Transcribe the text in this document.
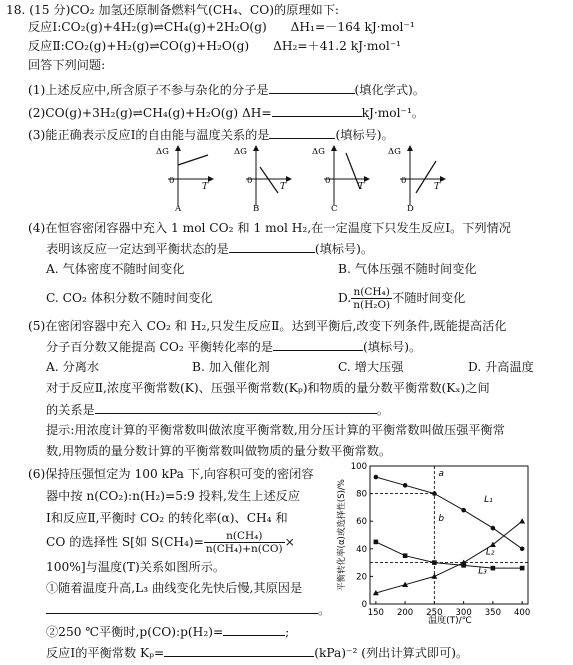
18. (15 分)CO₂ 加氢还原制备燃料气(CH₄、CO)的原理如下:
反应Ⅰ:CO₂(g)+4H₂(g)⇌CH₄(g)+2H₂O(g) ΔH₁=－164 kJ·mol⁻¹
反应Ⅱ:CO₂(g)+H₂(g)⇌CO(g)+H₂O(g) ΔH₂=＋41.2 kJ·mol⁻¹
回答下列问题:
(1)上述反应中,所含原子不参与杂化的分子是	(填化学式)。
(2)CO(g)+3H₂(g)⇌CH₄(g)+H₂O(g) ΔH=	kJ·mol⁻¹。
(3)能正确表示反应Ⅰ的自由能与温度关系的是	(填标号)。
ΔG
T
0
A
ΔG
T
0
B
ΔG
T
0
C
ΔG
T
0
D
(4)在恒容密闭容器中充入 1 mol CO₂ 和 1 mol H₂,在一定温度下只发生反应Ⅰ。下列情况
表明该反应一定达到平衡状态的是	(填标号)。
A. 气体密度不随时间变化	B. 气体压强不随时间变化
C. CO₂ 体积分数不随时间变化	D. $\frac{\text{n(CH₄)}}{\text{n(H₂O)}}$ 不随时间变化
(5)在密闭容器中充入 CO₂ 和 H₂,只发生反应Ⅱ。达到平衡后,改变下列条件,既能提高活化
分子百分数又能提高 CO₂ 平衡转化率的是	(填标号)。
A. 分离水	B. 加入催化剂	C. 增大压强	D. 升高温度
对于反应Ⅱ,浓度平衡常数(K)、压强平衡常数(Kₚ)和物质的量分数平衡常数(Kₓ)之间
的关系是	。
提示:用浓度计算的平衡常数叫做浓度平衡常数,用分压计算的平衡常数叫做压强平衡常
数,用物质的量分数计算的平衡常数叫做物质的量分数平衡常数。
(6)保持压强恒定为 100 kPa 下,向容积可变的密闭容
器中按 n(CO₂):n(H₂)=5:9 投料,发生上述反应
Ⅰ和反应Ⅱ,平衡时 CO₂ 的转化率(α)、CH₄ 和
CO 的选择性 S[如 $S(CH_4)= \frac{\text{n(CH₄)}}{\text{n(CH₄)+n(CO)}}$ ×
100%]与温度(T)关系如图所示。
①随着温度升高,L₃ 曲线变化先快后慢,其原因是
。
②250 ℃平衡时,p(CO):p(H₂)=	;
反应Ⅰ的平衡常数 Kₚ=	(kPa)⁻² (列出计算式即可)。
150 200 250 300 350 400
0
20
40
60
80
100
a
b
L₁
L₂
L₃
平衡转化率(α)或选择性(S)/%
温度(T)/℃
